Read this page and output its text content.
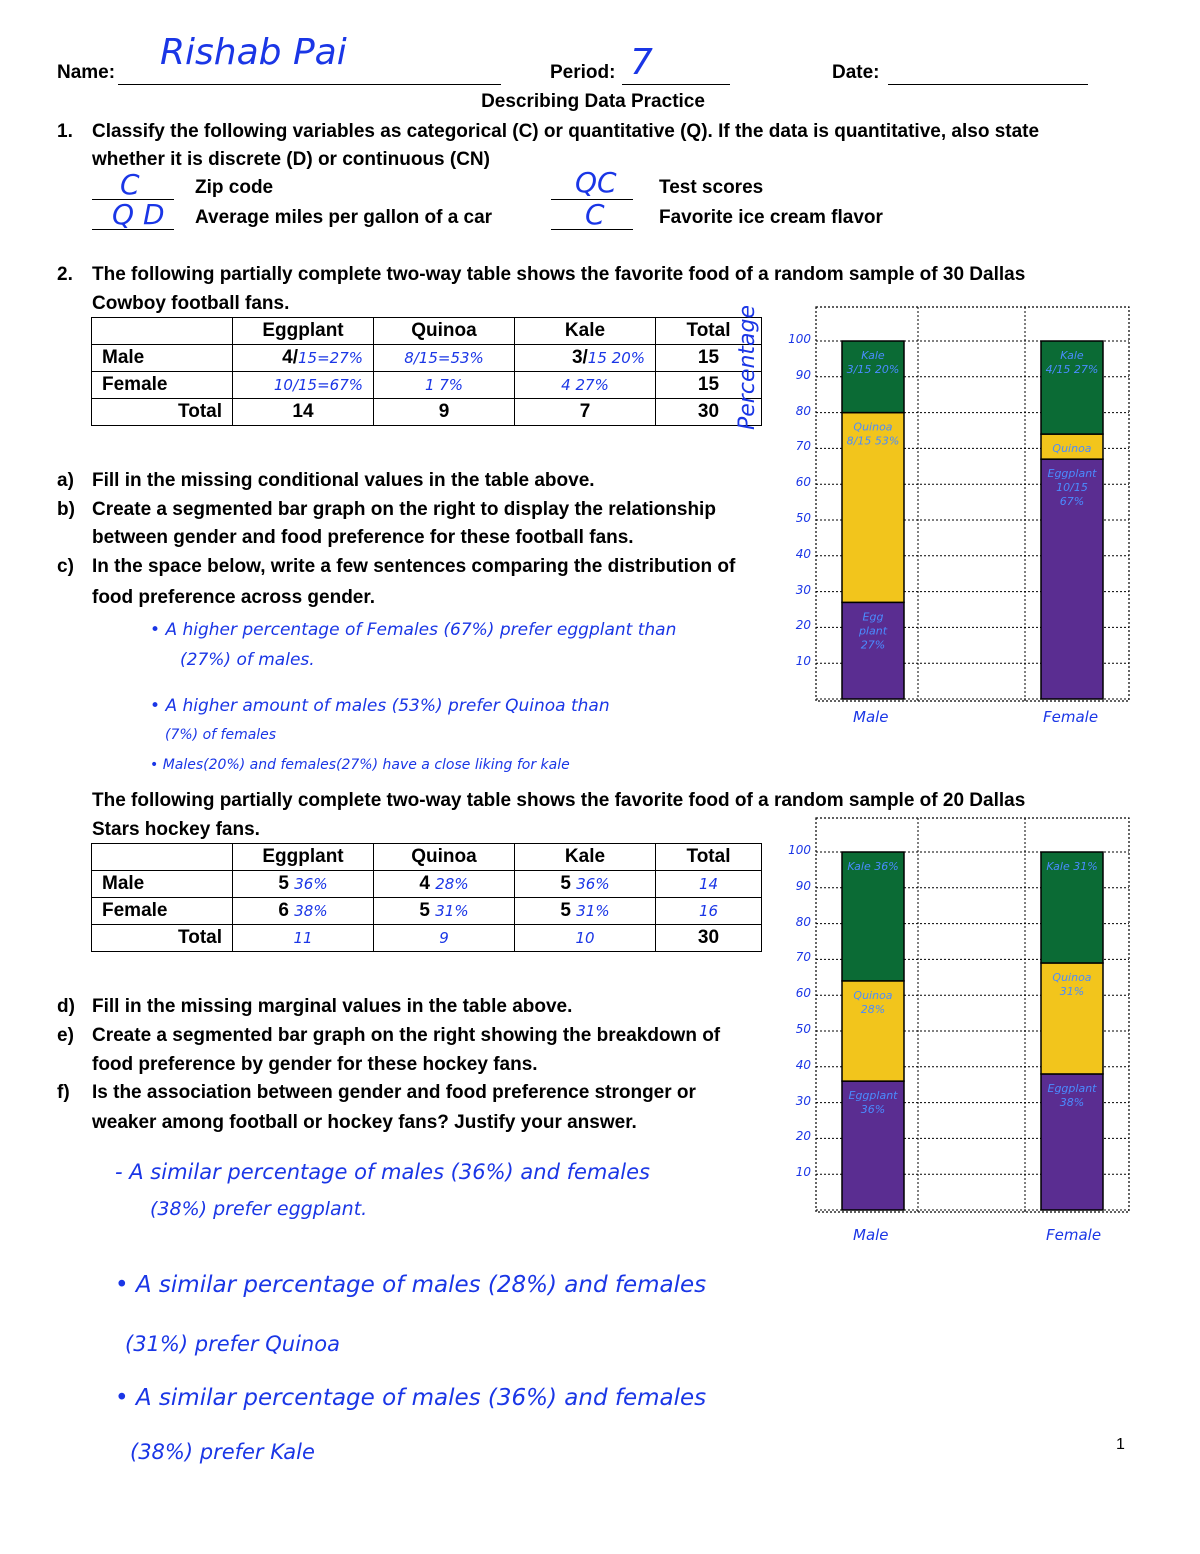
Name: Rishab Pai	Period: 7	Date:
Describing Data Practice
1. Classify the following variables as categorical (C) or quantitative (Q). If the data is quantitative, also state
whether it is discrete (D) or continuous (CN)
C	Zip code
Q D Average miles per gallon of a car
QC Test scores
C	Favorite ice cream flavor
2. The following partially complete two-way table shows the favorite food of a random sample of 30 Dallas
Cowboy football fans.
	Eggplant	Quinoa	Kale	Total
Male	4/15=27%	8/15=53%	3/15 20%	15
Female	10/15=67%	1 7%	4 27%	15
Total	14	9	7	30
a) Fill in the missing conditional values in the table above.
b) Create a segmented bar graph on the right to display the relationship
between gender and food preference for these football fans.
c) In the space below, write a few sentences comparing the distribution of
food preference across gender.
• A higher percentage of Females (67%) prefer eggplant than
(27%) of males.
• A higher amount of males (53%) prefer Quinoa than
(7%) of females
• Males(20%) and females(27%) have a close liking for kale
Egg
plant
27%
Quinoa
8/15 53%
Kale
3/15 20%
Eggplant
10/15
67%
Quinoa
Kale
4/15 27%
Percentage 100
90
80
70
60
50
40
30
20
10
Male	Female
The following partially complete two-way table shows the favorite food of a random sample of 20 Dallas
Stars hockey fans.
	Eggplant	Quinoa	Kale	Total
Male	5 36%	4 28%	5 36%	14
Female	6 38%	5 31%	5 31%	16
Total	11	9	10	30
d) Fill in the missing marginal values in the table above.
e) Create a segmented bar graph on the right showing the breakdown of
food preference by gender for these hockey fans.
f) Is the association between gender and food preference stronger or
weaker among football or hockey fans? Justify your answer.
- A similar percentage of males (36%) and females
(38%) prefer eggplant.
• A similar percentage of males (28%) and females
(31%) prefer Quinoa
• A similar percentage of males (36%) and females
(38%) prefer Kale
Eggplant
36%
Quinoa
28%
Kale 36%
Eggplant
38%
Quinoa
31%
Kale 31%
100
90
80
70
60
50
40
30
20
10
Male	Female
1
